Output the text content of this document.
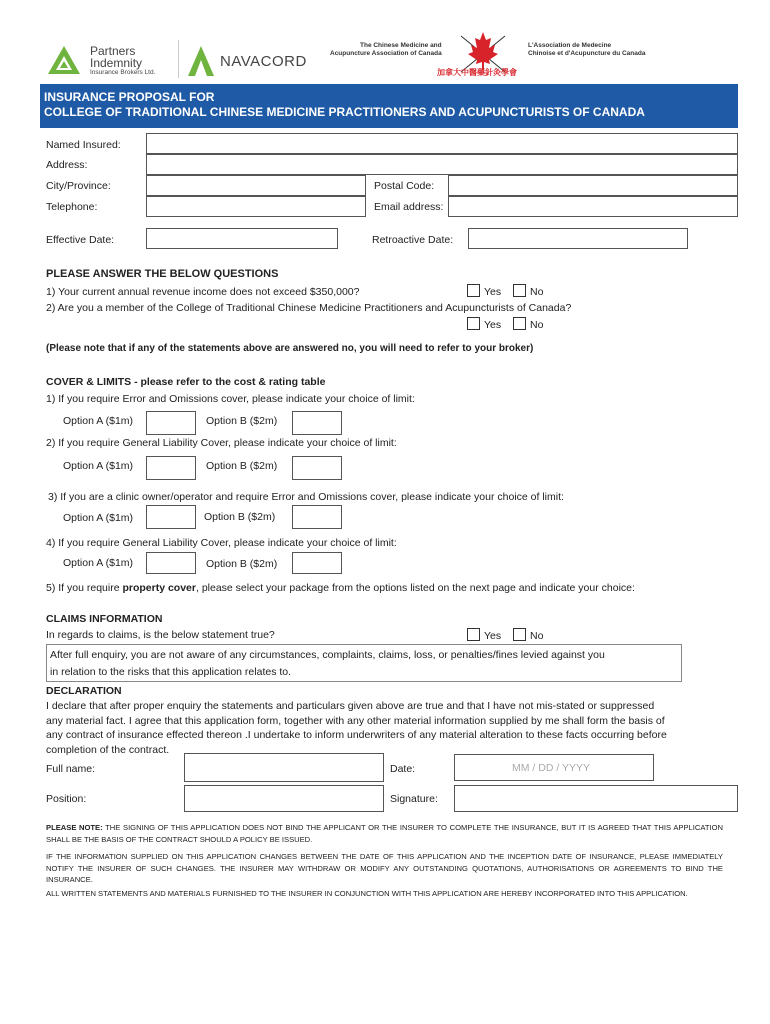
Partners
Indemnity
Insurance Brokers Ltd.
NAVACORD
The Chinese Medicine and
Acupuncture Association of Canada
加拿大中醫藥針灸學會
L'Association de Medecine
Chinoise et d'Acupuncture du Canada
INSURANCE PROPOSAL FOR
COLLEGE OF TRADITIONAL CHINESE MEDICINE PRACTITIONERS AND ACUPUNCTURISTS OF CANADA
Named Insured:
Address:
City/Province:	Postal Code:
Telephone:	Email address:
Effective Date:	Retroactive Date:
PLEASE ANSWER THE BELOW QUESTIONS
1) Your current annual revenue income does not exceed $350,000?	Yes	No
2) Are you a member of the College of Traditional Chinese Medicine Practitioners and Acupuncturists of Canada?
Yes	No
(Please note that if any of the statements above are answered no, you will need to refer to your broker)
COVER & LIMITS - please refer to the cost & rating table
1) If you require Error and Omissions cover, please indicate your choice of limit:
Option A ($1m)	Option B ($2m)
2) If you require General Liability Cover, please indicate your choice of limit:
Option A ($1m)	Option B ($2m)
3) If you are a clinic owner/operator and require Error and Omissions cover, please indicate your choice of limit:
Option A ($1m)	Option B ($2m)
4) If you require General Liability Cover, please indicate your choice of limit:
Option A ($1m)	Option B ($2m)
5) If you require property cover, please select your package from the options listed on the next page and indicate your choice:
CLAIMS INFORMATION
In regards to claims, is the below statement true?	Yes	No
After full enquiry, you are not aware of any circumstances, complaints, claims, loss, or penalties/fines levied against you
in relation to the risks that this application relates to.
DECLARATION
I declare that after proper enquiry the statements and particulars given above are true and that I have not mis-stated or suppressed
any material fact. I agree that this application form, together with any other material information supplied by me shall form the basis of
any contract of insurance effected thereon .I undertake to inform underwriters of any material alteration to these facts occurring before
completion of the contract.
Full name:	Date:	MM / DD / YYYY
Position:	Signature:
PLEASE NOTE: THE SIGNING OF THIS APPLICATION DOES NOT BIND THE APPLICANT OR THE INSURER TO COMPLETE THE INSURANCE, BUT IT IS AGREED THAT THIS APPLICATION SHALL BE THE BASIS OF THE CONTRACT SHOULD A POLICY BE ISSUED.
IF THE INFORMATION SUPPLIED ON THIS APPLICATION CHANGES BETWEEN THE DATE OF THIS APPLICATION AND THE INCEPTION DATE OF INSURANCE, PLEASE IMMEDIATELY NOTIFY THE INSURER OF SUCH CHANGES. THE INSURER MAY WITHDRAW OR MODIFY ANY OUTSTANDING QUOTATIONS, AUTHORISATIONS OR AGREEMENTS TO BIND THE INSURANCE.
ALL WRITTEN STATEMENTS AND MATERIALS FURNISHED TO THE INSURER IN CONJUNCTION WITH THIS APPLICATION ARE HEREBY INCORPORATED INTO THIS APPLICATION.
